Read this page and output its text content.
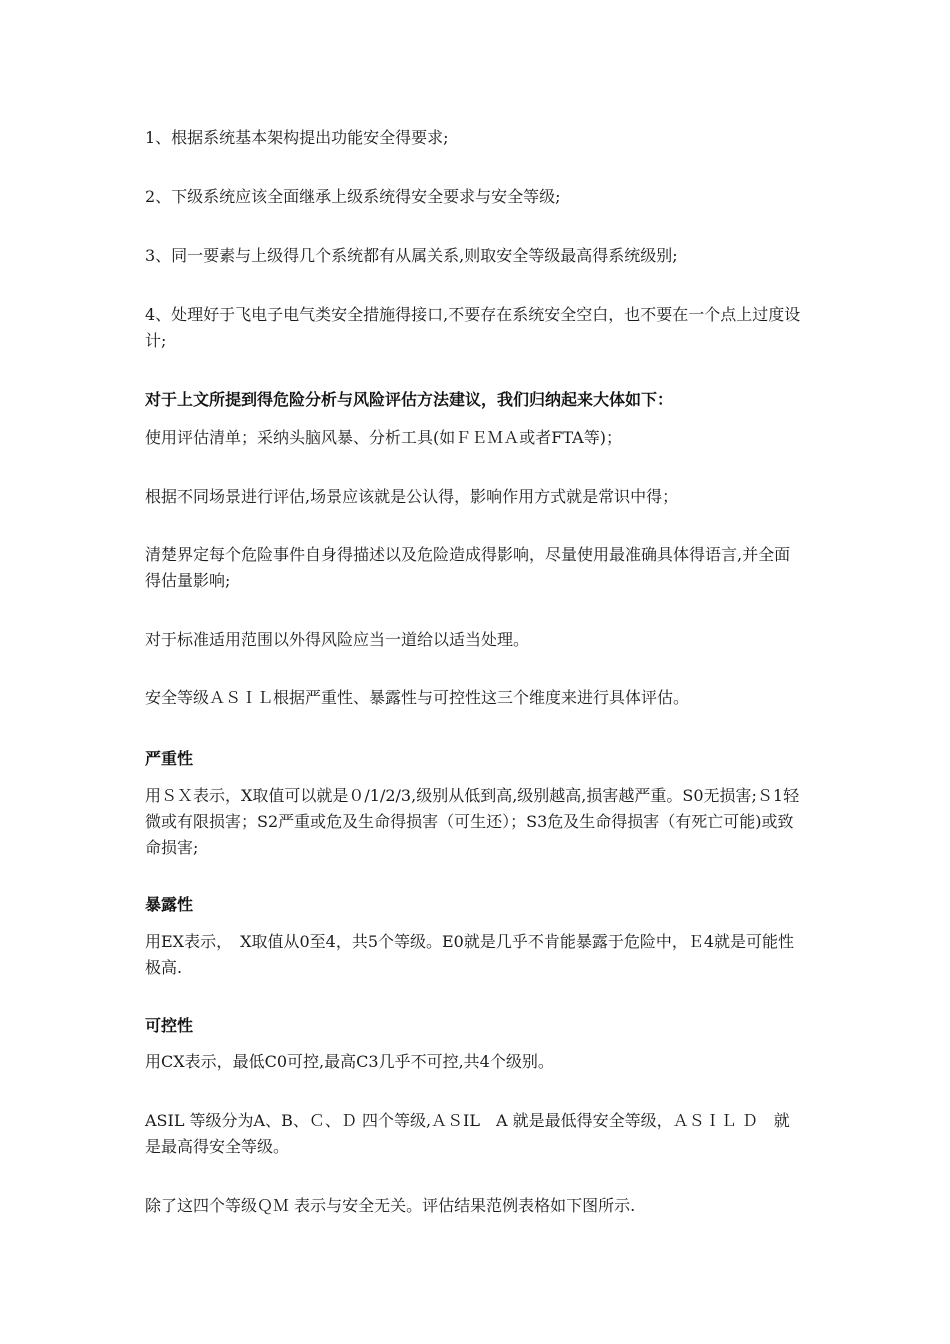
1、根据系统基本架构提出功能安全得要求;

2、下级系统应该全面继承上级系统得安全要求与安全等级;

3、同一要素与上级得几个系统都有从属关系,则取安全等级最高得系统级别;

4、处理好于飞电子电气类安全措施得接口,不要存在系统安全空白，也不要在一个点上过度设计;

对于上文所提到得危险分析与风险评估方法建议，我们归纳起来大体如下：

使用评估清单；采纳头脑风暴、分析工具(如ＦＥＭＡ或者FTA等)；

根据不同场景进行评估,场景应该就是公认得，影响作用方式就是常识中得；

清楚界定每个危险事件自身得描述以及危险造成得影响，尽量使用最准确具体得语言,并全面得估量影响;

对于标准适用范围以外得风险应当一道给以适当处理。

安全等级ＡＳＩＬ根据严重性、暴露性与可控性这三个维度来进行具体评估。

严重性

用ＳＸ表示，X取值可以就是０/1/2/3,级别从低到高,级别越高,损害越严重。S0无损害;Ｓ1轻微或有限损害；S2严重或危及生命得损害（可生还）；S3危及生命得损害（有死亡可能)或致命损害;

暴露性

用EX表示，　X取值从0至4，共5个等级。E0就是几乎不肯能暴露于危险中，Ｅ4就是可能性极高.

可控性

用CX表示，最低C0可控,最高C3几乎不可控,共4个级别。

ASIL 等级分为A、B、Ｃ、Ｄ 四个等级,ＡＳIL　A 就是最低得安全等级，ＡＳＩＬ Ｄ　就是最高得安全等级。

除了这四个等级ＱＭ 表示与安全无关。评估结果范例表格如下图所示.
